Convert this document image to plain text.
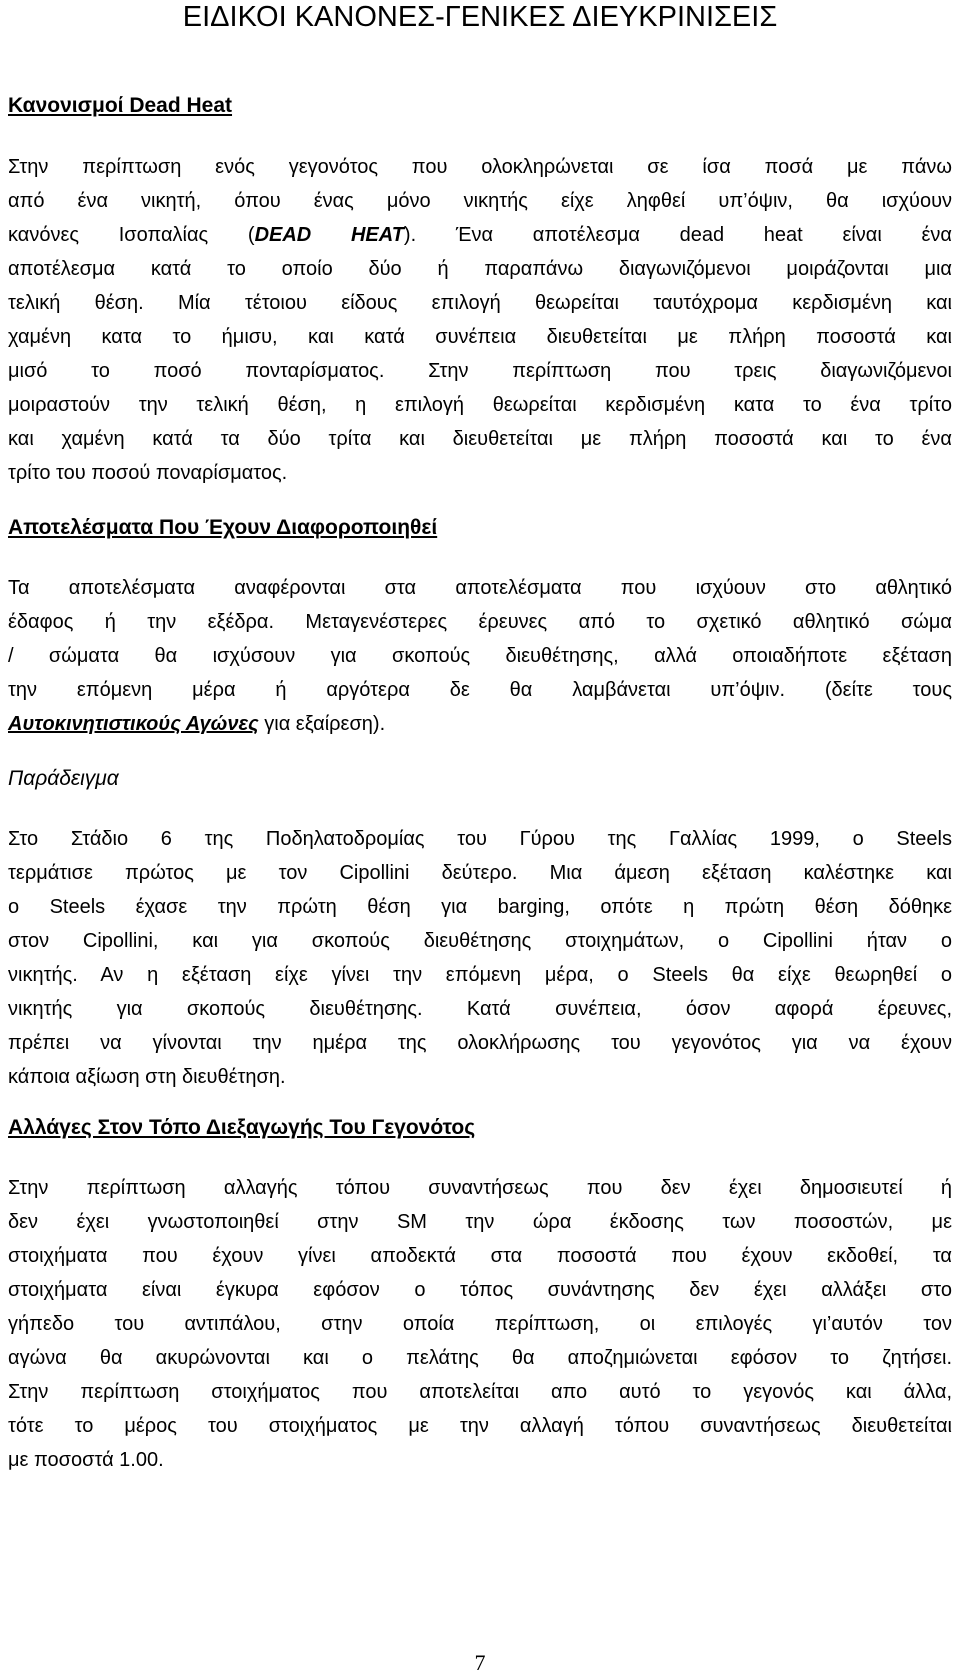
ΕΙΔΙΚΟΙ ΚΑΝΟΝΕΣ-ΓΕΝΙΚΕΣ ΔΙΕΥΚΡΙΝΙΣΕΙΣ
Κανονισμοί Dead Heat
Στην περίπτωση ενός γεγονότος που ολοκληρώνεται σε ίσα ποσά με πάνω
από ένα νικητή, όπου ένας μόνο νικητής είχε ληφθεί υπ’όψιν, θα ισχύουν
κανόνες Ισοπαλίας (DEAD HEAT). Ένα αποτέλεσμα dead heat είναι ένα
αποτέλεσμα κατά το οποίο δύο ή παραπάνω διαγωνιζόμενοι μοιράζονται μια
τελική θέση. Μία τέτοιου είδους επιλογή θεωρείται ταυτόχρομα κερδισμένη και
χαμένη κατα το ήμισυ, και κατά συνέπεια διευθετείται με πλήρη ποσοστά και
μισό το ποσό πονταρίσματος. Στην περίπτωση που τρεις διαγωνιζόμενοι
μοιραστούν την τελική θέση, η επιλογή θεωρείται κερδισμένη κατα το ένα τρίτο
και χαμένη κατά τα δύο τρίτα και διευθετείται με πλήρη ποσοστά και το ένα
τρίτο του ποσού ποναρίσματος.
Αποτελέσματα Που Έχουν Διαφοροποιηθεί
Τα αποτελέσματα αναφέρονται στα αποτελέσματα που ισχύουν στο αθλητικό
έδαφος ή την εξέδρα. Μεταγενέστερες έρευνες από το σχετικό αθλητικό σώμα
/ σώματα θα ισχύσουν για σκοπούς διευθέτησης, αλλά οποιαδήποτε εξέταση
την επόμενη μέρα ή αργότερα δε θα λαμβάνεται υπ’όψιν. (δείτε τους
Αυτοκινητιστικούς Αγώνες για εξαίρεση).
Παράδειγμα
Στο Στάδιο 6 της Ποδηλατοδρομίας του Γύρου της Γαλλίας 1999, ο Steels
τερμάτισε πρώτος με τον Cipollini δεύτερο. Μια άμεση εξέταση καλέστηκε και
ο Steels έχασε την πρώτη θέση για barging, οπότε η πρώτη θέση δόθηκε
στον Cipollini, και για σκοπούς διευθέτησης στοιχημάτων, ο Cipollini ήταν ο
νικητής. Αν η εξέταση είχε γίνει την επόμενη μέρα, ο Steels θα είχε θεωρηθεί ο
νικητής για σκοπούς διευθέτησης. Κατά συνέπεια, όσον αφορά έρευνες,
πρέπει να γίνονται την ημέρα της ολοκλήρωσης του γεγονότος για να έχουν
κάποια αξίωση στη διευθέτηση.
Αλλάγες Στον Τόπο Διεξαγωγής Του Γεγονότος
Στην περίπτωση αλλαγής τόπου συναντήσεως που δεν έχει δημοσιευτεί ή
δεν έχει γνωστοποιηθεί στην SM την ώρα έκδοσης των ποσοστών, με
στοιχήματα που έχουν γίνει αποδεκτά στα ποσοστά που έχουν εκδοθεί, τα
στοιχήματα είναι έγκυρα εφόσον ο τόπος συνάντησης δεν έχει αλλάξει στο
γήπεδο του αντιπάλου, στην οποία περίπτωση, οι επιλογές γι’αυτόν τον
αγώνα θα ακυρώνονται και ο πελάτης θα αποζημιώνεται εφόσον το ζητήσει.
Στην περίπτωση στοιχήματος που αποτελείται απο αυτό το γεγονός και άλλα,
τότε το μέρος του στοιχήματος με την αλλαγή τόπου συναντήσεως διευθετείται
με ποσοστά 1.00.
7
